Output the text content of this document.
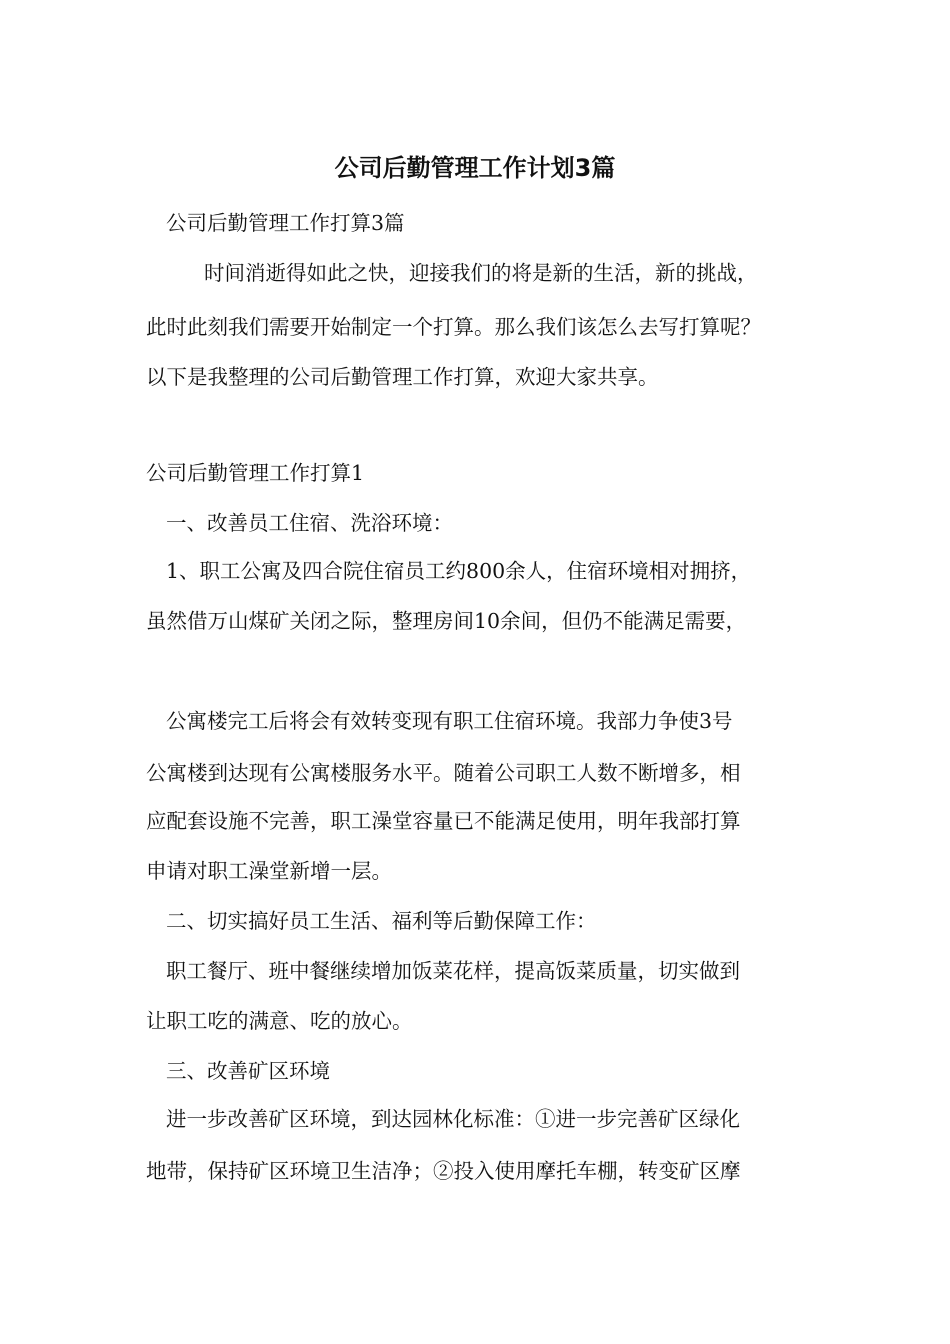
公司后勤管理工作计划3篇
公司后勤管理工作打算3篇
时间消逝得如此之快，迎接我们的将是新的生活，新的挑战，
此时此刻我们需要开始制定一个打算。那么我们该怎么去写打算呢？
以下是我整理的公司后勤管理工作打算，欢迎大家共享。
公司后勤管理工作打算1
一、改善员工住宿、洗浴环境：
1、职工公寓及四合院住宿员工约800余人，住宿环境相对拥挤，
虽然借万山煤矿关闭之际，整理房间10余间，但仍不能满足需要，
公寓楼完工后将会有效转变现有职工住宿环境。我部力争使3号
公寓楼到达现有公寓楼服务水平。随着公司职工人数不断增多，相
应配套设施不完善，职工澡堂容量已不能满足使用，明年我部打算
申请对职工澡堂新增一层。
二、切实搞好员工生活、福利等后勤保障工作：
职工餐厅、班中餐继续增加饭菜花样，提高饭菜质量，切实做到
让职工吃的满意、吃的放心。
三、改善矿区环境
进一步改善矿区环境，到达园林化标准：①进一步完善矿区绿化
地带，保持矿区环境卫生洁净；②投入使用摩托车棚，转变矿区摩
